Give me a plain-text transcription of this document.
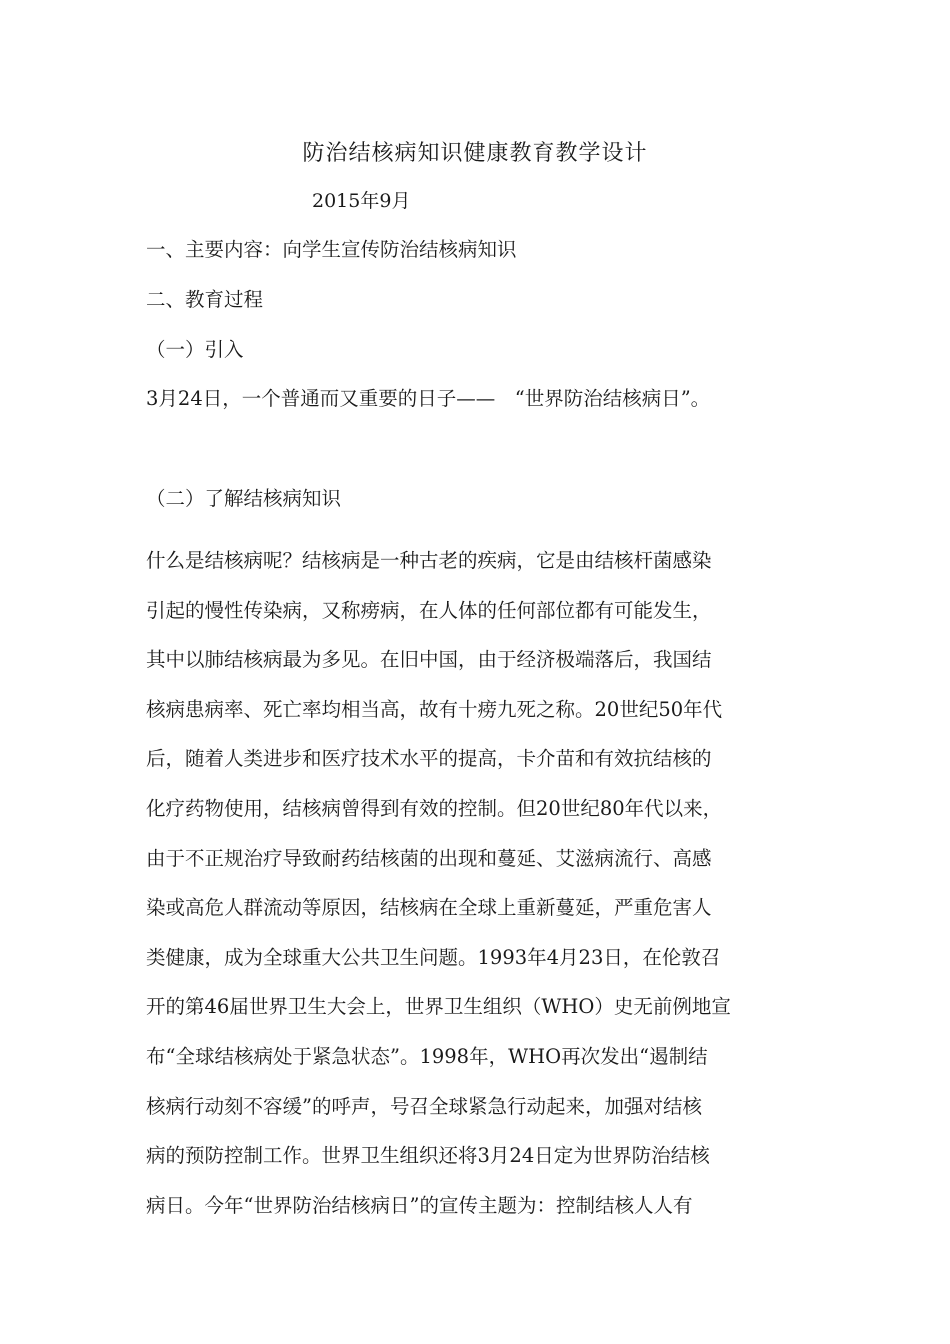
防治结核病知识健康教育教学设计
2015年9月
一、主要内容：向学生宣传防治结核病知识
二、教育过程
（一）引入
3月24日，一个普通而又重要的日子——　“世界防治结核病日”。
（二）了解结核病知识
什么是结核病呢？结核病是一种古老的疾病，它是由结核杆菌感染
引起的慢性传染病，又称痨病，在人体的任何部位都有可能发生，
其中以肺结核病最为多见。在旧中国，由于经济极端落后，我国结
核病患病率、死亡率均相当高，故有十痨九死之称。20世纪50年代
后，随着人类进步和医疗技术水平的提高，卡介苗和有效抗结核的
化疗药物使用，结核病曾得到有效的控制。但20世纪80年代以来，
由于不正规治疗导致耐药结核菌的出现和蔓延、艾滋病流行、高感
染或高危人群流动等原因，结核病在全球上重新蔓延，严重危害人
类健康，成为全球重大公共卫生问题。1993年4月23日，在伦敦召
开的第46届世界卫生大会上，世界卫生组织（WHO）史无前例地宣
布“全球结核病处于紧急状态”。1998年，WHO再次发出“遏制结
核病行动刻不容缓”的呼声，号召全球紧急行动起来，加强对结核
病的预防控制工作。世界卫生组织还将3月24日定为世界防治结核
病日。今年“世界防治结核病日”的宣传主题为：控制结核人人有
